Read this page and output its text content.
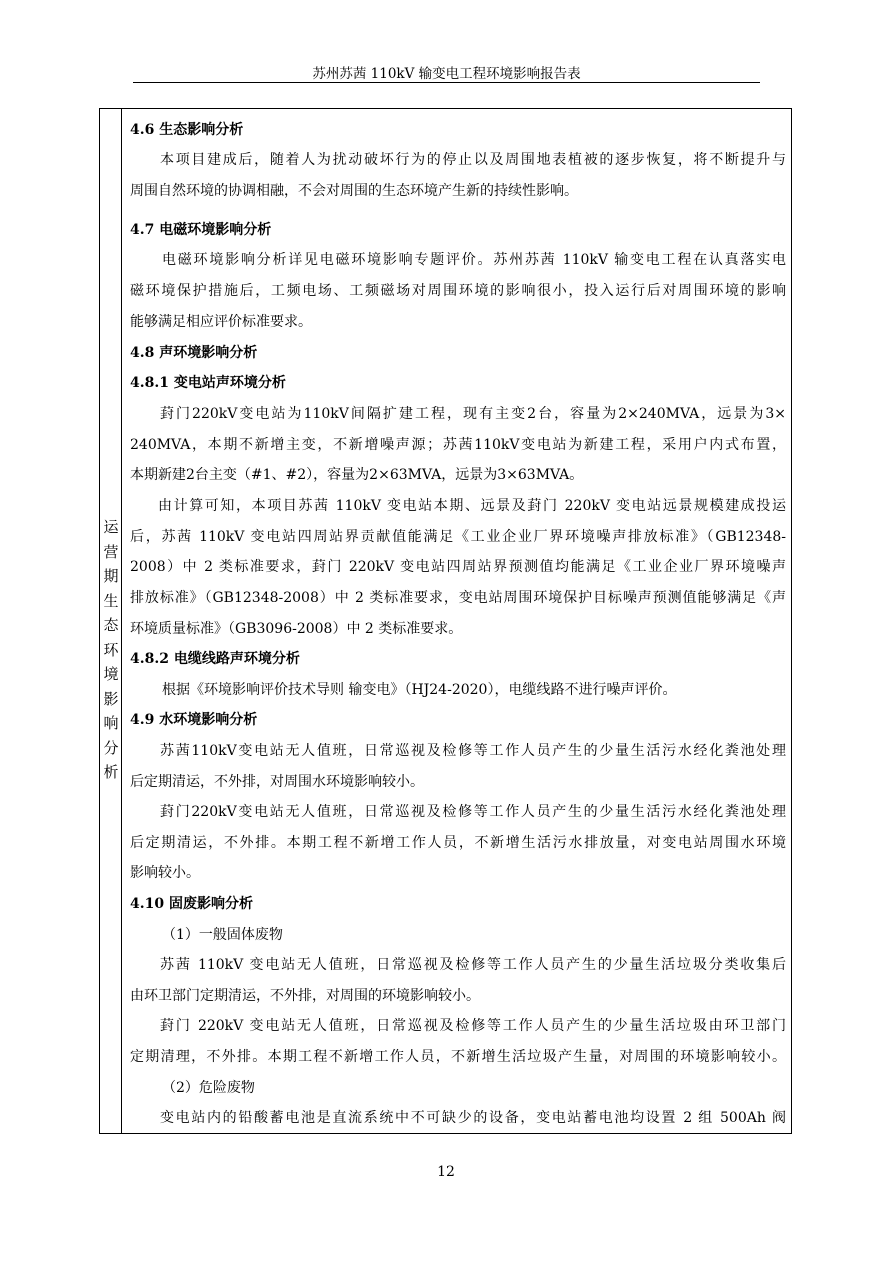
苏州苏茜 110kV 输变电工程环境影响报告表
运
营
期
生
态
环
境
影
响
分
析
4.6 生态影响分析
本项目建成后，随着人为扰动破坏行为的停止以及周围地表植被的逐步恢复，将不断提升与
周围自然环境的协调相融，不会对周围的生态环境产生新的持续性影响。
4.7 电磁环境影响分析
电磁环境影响分析详见电磁环境影响专题评价。苏州苏茜 110kV 输变电工程在认真落实电
磁环境保护措施后，工频电场、工频磁场对周围环境的影响很小，投入运行后对周围环境的影响
能够满足相应评价标准要求。
4.8 声环境影响分析
4.8.1 变电站声环境分析
葑门220kV变电站为110kV间隔扩建工程，现有主变2台，容量为2×240MVA，远景为3×
240MVA，本期不新增主变，不新增噪声源；苏茜110kV变电站为新建工程，采用户内式布置，
本期新建2台主变（#1、#2），容量为2×63MVA，远景为3×63MVA。
由计算可知，本项目苏茜 110kV 变电站本期、远景及葑门 220kV 变电站远景规模建成投运
后，苏茜 110kV 变电站四周站界贡献值能满足《工业企业厂界环境噪声排放标准》（GB12348-
2008）中 2 类标准要求，葑门 220kV 变电站四周站界预测值均能满足《工业企业厂界环境噪声
排放标准》（GB12348-2008）中 2 类标准要求，变电站周围环境保护目标噪声预测值能够满足《声
环境质量标准》（GB3096-2008）中 2 类标准要求。
4.8.2 电缆线路声环境分析
根据《环境影响评价技术导则 输变电》（HJ24-2020），电缆线路不进行噪声评价。
4.9 水环境影响分析
苏茜110kV变电站无人值班，日常巡视及检修等工作人员产生的少量生活污水经化粪池处理
后定期清运，不外排，对周围水环境影响较小。
葑门220kV变电站无人值班，日常巡视及检修等工作人员产生的少量生活污水经化粪池处理
后定期清运，不外排。本期工程不新增工作人员，不新增生活污水排放量，对变电站周围水环境
影响较小。
4.10 固废影响分析
（1）一般固体废物
苏茜 110kV 变电站无人值班，日常巡视及检修等工作人员产生的少量生活垃圾分类收集后
由环卫部门定期清运，不外排，对周围的环境影响较小。
葑门 220kV 变电站无人值班，日常巡视及检修等工作人员产生的少量生活垃圾由环卫部门
定期清理，不外排。本期工程不新增工作人员，不新增生活垃圾产生量，对周围的环境影响较小。
（2）危险废物
变电站内的铅酸蓄电池是直流系统中不可缺少的设备，变电站蓄电池均设置 2 组 500Ah 阀
12
